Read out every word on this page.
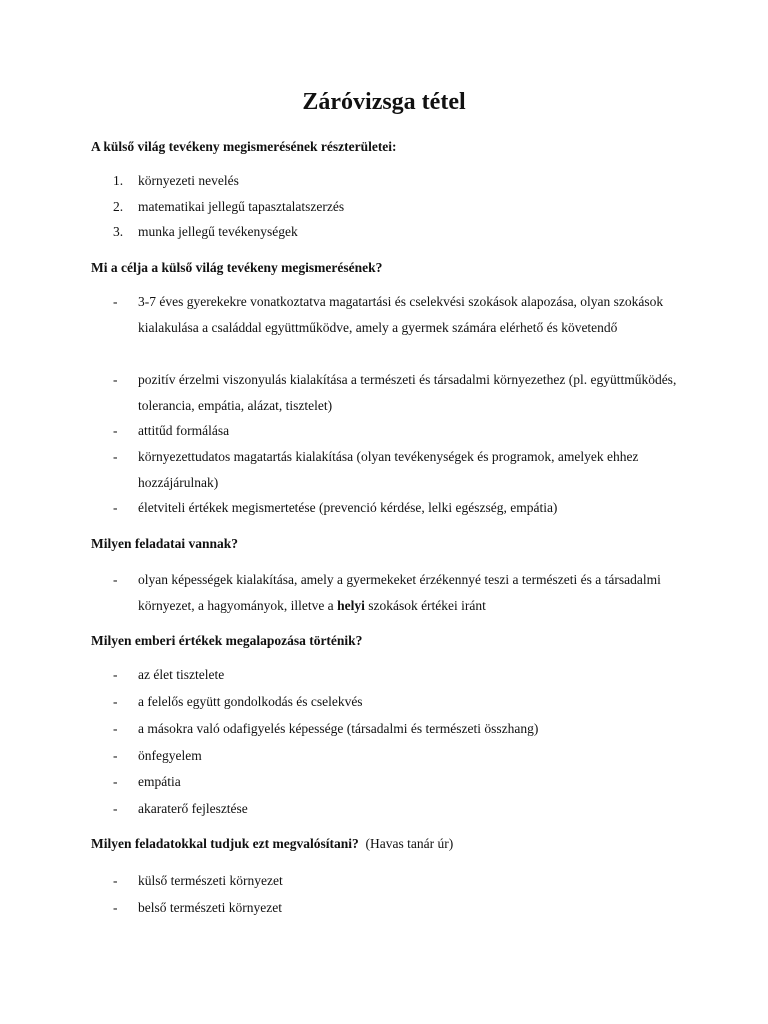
Záróvizsga tétel
A külső világ tevékeny megismerésének részterületei:
1. környezeti nevelés
2. matematikai jellegű tapasztalatszerzés
3. munka jellegű tevékenységek
Mi a célja a külső világ tevékeny megismerésének?
- 3-7 éves gyerekekre vonatkoztatva magatartási és cselekvési szokások alapozása, olyan szokások kialakulása a családdal együttműködve, amely a gyermek számára elérhető és követendő
- pozitív érzelmi viszonyulás kialakítása a természeti és társadalmi környezethez (pl. együttműködés, tolerancia, empátia, alázat, tisztelet)
- attitűd formálása
- környezettudatos magatartás kialakítása (olyan tevékenységek és programok, amelyek ehhez hozzájárulnak)
- életviteli értékek megismertetése (prevenció kérdése, lelki egészség, empátia)
Milyen feladatai vannak?
- olyan képességek kialakítása, amely a gyermekeket érzékennyé teszi a természeti és a társadalmi környezet, a hagyományok, illetve a helyi szokások értékei iránt
Milyen emberi értékek megalapozása történik?
- az élet tisztelete
- a felelős együtt gondolkodás és cselekvés
- a másokra való odafigyelés képessége (társadalmi és természeti összhang)
- önfegyelem
- empátia
- akaraterő fejlesztése
Milyen feladatokkal tudjuk ezt megvalósítani? (Havas tanár úr)
- külső természeti környezet
- belső természeti környezet
